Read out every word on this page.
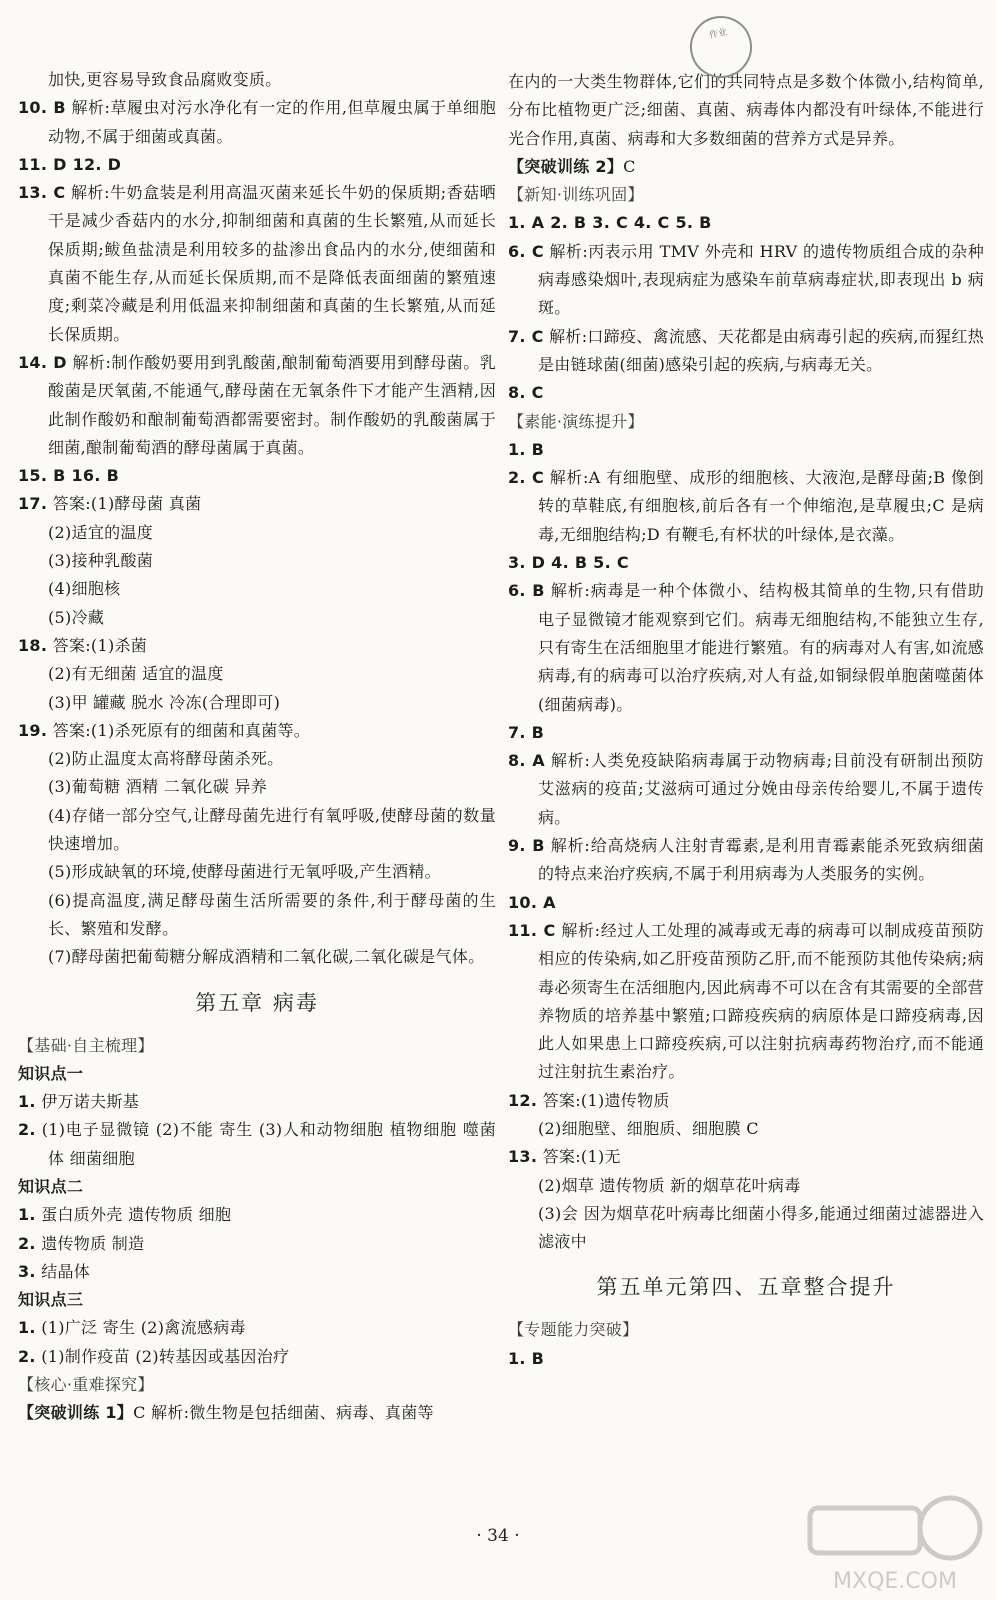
加快,更容易导致食品腐败变质。

10. B 解析:草履虫对污水净化有一定的作用,但草履虫属于单细胞动物,不属于细菌或真菌。

11. D 12. D

13. C 解析:牛奶盒装是利用高温灭菌来延长牛奶的保质期;香菇晒干是减少香菇内的水分,抑制细菌和真菌的生长繁殖,从而延长保质期;鲅鱼盐渍是利用较多的盐渗出食品内的水分,使细菌和真菌不能生存,从而延长保质期,而不是降低表面细菌的繁殖速度;剩菜冷藏是利用低温来抑制细菌和真菌的生长繁殖,从而延长保质期。

14. D 解析:制作酸奶要用到乳酸菌,酿制葡萄酒要用到酵母菌。乳酸菌是厌氧菌,不能通气,酵母菌在无氧条件下才能产生酒精,因此制作酸奶和酿制葡萄酒都需要密封。制作酸奶的乳酸菌属于细菌,酿制葡萄酒的酵母菌属于真菌。

15. B 16. B

17. 答案:(1)酵母菌 真菌

(2)适宜的温度

(3)接种乳酸菌

(4)细胞核

(5)冷藏

18. 答案:(1)杀菌

(2)有无细菌 适宜的温度

(3)甲 罐藏 脱水 冷冻(合理即可)

19. 答案:(1)杀死原有的细菌和真菌等。

(2)防止温度太高将酵母菌杀死。

(3)葡萄糖 酒精 二氧化碳 异养

(4)存储一部分空气,让酵母菌先进行有氧呼吸,使酵母菌的数量快速增加。

(5)形成缺氧的环境,使酵母菌进行无氧呼吸,产生酒精。

(6)提高温度,满足酵母菌生活所需要的条件,利于酵母菌的生长、繁殖和发酵。

(7)酵母菌把葡萄糖分解成酒精和二氧化碳,二氧化碳是气体。

第五章 病毒

【基础·自主梳理】

知识点一

1. 伊万诺夫斯基

2. (1)电子显微镜 (2)不能 寄生 (3)人和动物细胞 植物细胞 噬菌体 细菌细胞

知识点二

1. 蛋白质外壳 遗传物质 细胞

2. 遗传物质 制造

3. 结晶体

知识点三

1. (1)广泛 寄生 (2)禽流感病毒

2. (1)制作疫苗 (2)转基因或基因治疗

【核心·重难探究】

【突破训练 1】C 解析:微生物是包括细菌、病毒、真菌等

在内的一大类生物群体,它们的共同特点是多数个体微小,结构简单,分布比植物更广泛;细菌、真菌、病毒体内都没有叶绿体,不能进行光合作用,真菌、病毒和大多数细菌的营养方式是异养。

【突破训练 2】C

【新知·训练巩固】

1. A 2. B 3. C 4. C 5. B

6. C 解析:丙表示用 TMV 外壳和 HRV 的遗传物质组合成的杂种病毒感染烟叶,表现病症为感染车前草病毒症状,即表现出 b 病斑。

7. C 解析:口蹄疫、禽流感、天花都是由病毒引起的疾病,而猩红热是由链球菌(细菌)感染引起的疾病,与病毒无关。

8. C

【素能·演练提升】

1. B

2. C 解析:A 有细胞壁、成形的细胞核、大液泡,是酵母菌;B 像倒转的草鞋底,有细胞核,前后各有一个伸缩泡,是草履虫;C 是病毒,无细胞结构;D 有鞭毛,有杯状的叶绿体,是衣藻。

3. D 4. B 5. C

6. B 解析:病毒是一种个体微小、结构极其简单的生物,只有借助电子显微镜才能观察到它们。病毒无细胞结构,不能独立生存,只有寄生在活细胞里才能进行繁殖。有的病毒对人有害,如流感病毒,有的病毒可以治疗疾病,对人有益,如铜绿假单胞菌噬菌体(细菌病毒)。

7. B

8. A 解析:人类免疫缺陷病毒属于动物病毒;目前没有研制出预防艾滋病的疫苗;艾滋病可通过分娩由母亲传给婴儿,不属于遗传病。

9. B 解析:给高烧病人注射青霉素,是利用青霉素能杀死致病细菌的特点来治疗疾病,不属于利用病毒为人类服务的实例。

10. A

11. C 解析:经过人工处理的减毒或无毒的病毒可以制成疫苗预防相应的传染病,如乙肝疫苗预防乙肝,而不能预防其他传染病;病毒必须寄生在活细胞内,因此病毒不可以在含有其需要的全部营养物质的培养基中繁殖;口蹄疫疾病的病原体是口蹄疫病毒,因此人如果患上口蹄疫疾病,可以注射抗病毒药物治疗,而不能通过注射抗生素治疗。

12. 答案:(1)遗传物质

(2)细胞壁、细胞质、细胞膜 C

13. 答案:(1)无

(2)烟草 遗传物质 新的烟草花叶病毒

(3)会 因为烟草花叶病毒比细菌小得多,能通过细菌过滤器进入滤液中

第五单元第四、五章整合提升

【专题能力突破】

1. B

作业
MXQE.COM
· 34 ·
